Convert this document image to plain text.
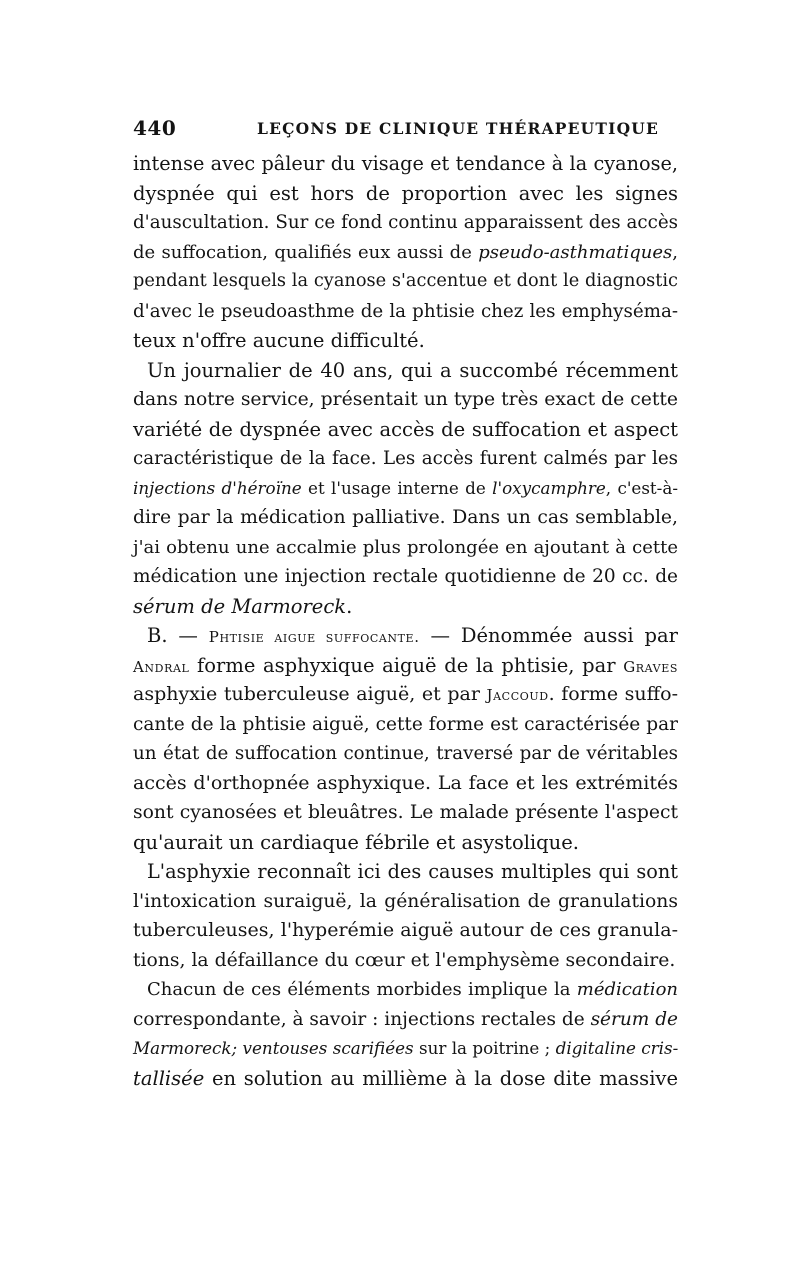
440	LEÇONS DE CLINIQUE THÉRAPEUTIQUE
intense avec pâleur du visage et tendance à la cyanose,
dyspnée qui est hors de proportion avec les signes
d'auscultation. Sur ce fond continu apparaissent des accès
de suffocation, qualifiés eux aussi de pseudo-asthmatiques,
pendant lesquels la cyanose s'accentue et dont le diagnostic
d'avec le pseudoasthme de la phtisie chez les emphyséma-
teux n'offre aucune difficulté.
Un journalier de 40 ans, qui a succombé récemment
dans notre service, présentait un type très exact de cette
variété de dyspnée avec accès de suffocation et aspect
caractéristique de la face. Les accès furent calmés par les
injections d'héroïne et l'usage interne de l'oxycamphre, c'est-à-
dire par la médication palliative. Dans un cas semblable,
j'ai obtenu une accalmie plus prolongée en ajoutant à cette
médication une injection rectale quotidienne de 20 cc. de
sérum de Marmoreck.
B. — Phtisie aigue suffocante. — Dénommée aussi par
Andral forme asphyxique aiguë de la phtisie, par Graves
asphyxie tuberculeuse aiguë, et par Jaccoud. forme suffo-
cante de la phtisie aiguë, cette forme est caractérisée par
un état de suffocation continue, traversé par de véritables
accès d'orthopnée asphyxique. La face et les extrémités
sont cyanosées et bleuâtres. Le malade présente l'aspect
qu'aurait un cardiaque fébrile et asystolique.
L'asphyxie reconnaît ici des causes multiples qui sont
l'intoxication suraiguë, la généralisation de granulations
tuberculeuses, l'hyperémie aiguë autour de ces granula-
tions, la défaillance du cœur et l'emphysème secondaire.
Chacun de ces éléments morbides implique la médication
correspondante, à savoir : injections rectales de sérum de
Marmoreck; ventouses scarifiées sur la poitrine ; digitaline cris-
tallisée en solution au millième à la dose dite massive
